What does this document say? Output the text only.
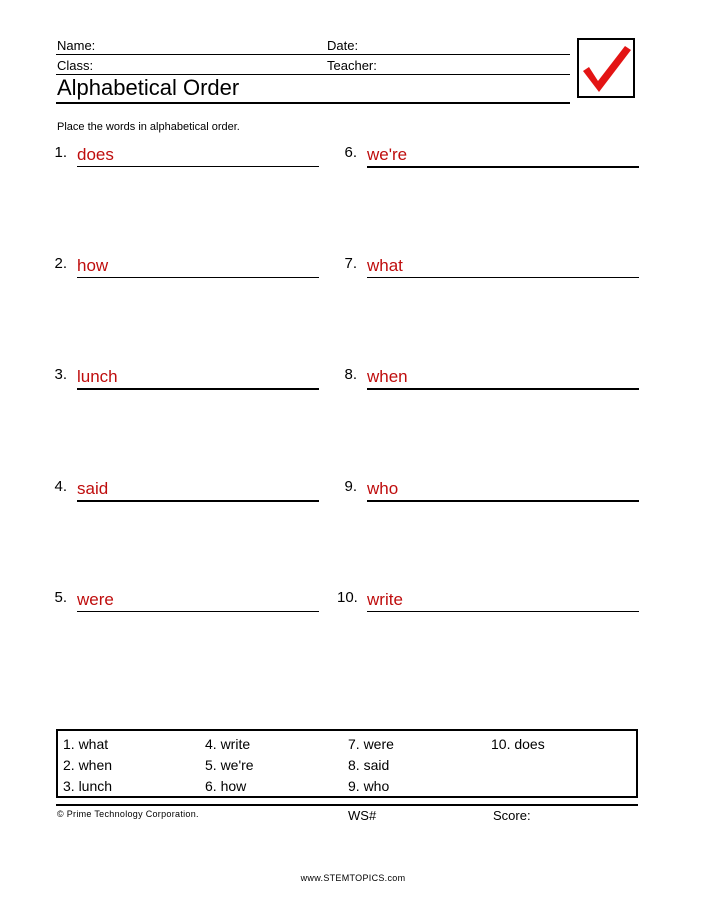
Name:	Date:
Class:	Teacher:
Alphabetical Order
Place the words in alphabetical order.
1. does
2. how
3. lunch
4. said
5. were
6. we're
7. what
8. when
9. who
10. write
1. what	4. write	7. were	10. does
2. when	5. we're	8. said
3. lunch	6. how	9. who
© Prime Technology Corporation.	WS#	Score:
www.STEMTOPICS.com
